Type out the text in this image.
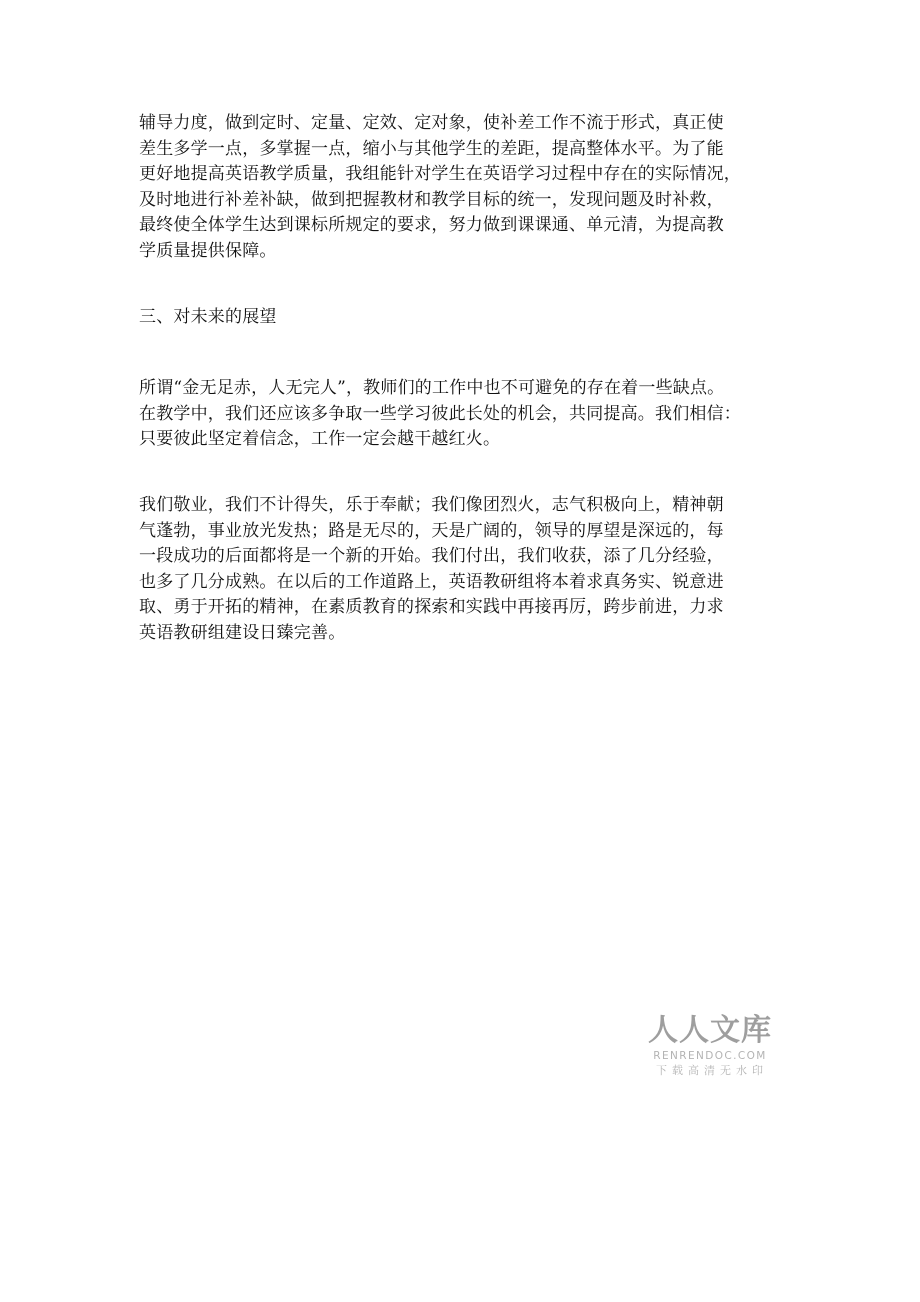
辅导力度，做到定时、定量、定效、定对象，使补差工作不流于形式，真正使
差生多学一点，多掌握一点，缩小与其他学生的差距，提高整体水平。为了能
更好地提高英语教学质量，我组能针对学生在英语学习过程中存在的实际情况，
及时地进行补差补缺，做到把握教材和教学目标的统一，发现问题及时补救，
最终使全体学生达到课标所规定的要求，努力做到课课通、单元清，为提高教
学质量提供保障。

三、对未来的展望

所谓“金无足赤，人无完人”，教师们的工作中也不可避免的存在着一些缺点。
在教学中，我们还应该多争取一些学习彼此长处的机会，共同提高。我们相信：
只要彼此坚定着信念，工作一定会越干越红火。

我们敬业，我们不计得失，乐于奉献；我们像团烈火，志气积极向上，精神朝
气蓬勃，事业放光发热；路是无尽的，天是广阔的，领导的厚望是深远的，每
一段成功的后面都将是一个新的开始。我们付出，我们收获，添了几分经验，
也多了几分成熟。在以后的工作道路上，英语教研组将本着求真务实、锐意进
取、勇于开拓的精神，在素质教育的探索和实践中再接再厉，跨步前进，力求
英语教研组建设日臻完善。

人人文库
RENRENDOC.COM
下载高清无水印
